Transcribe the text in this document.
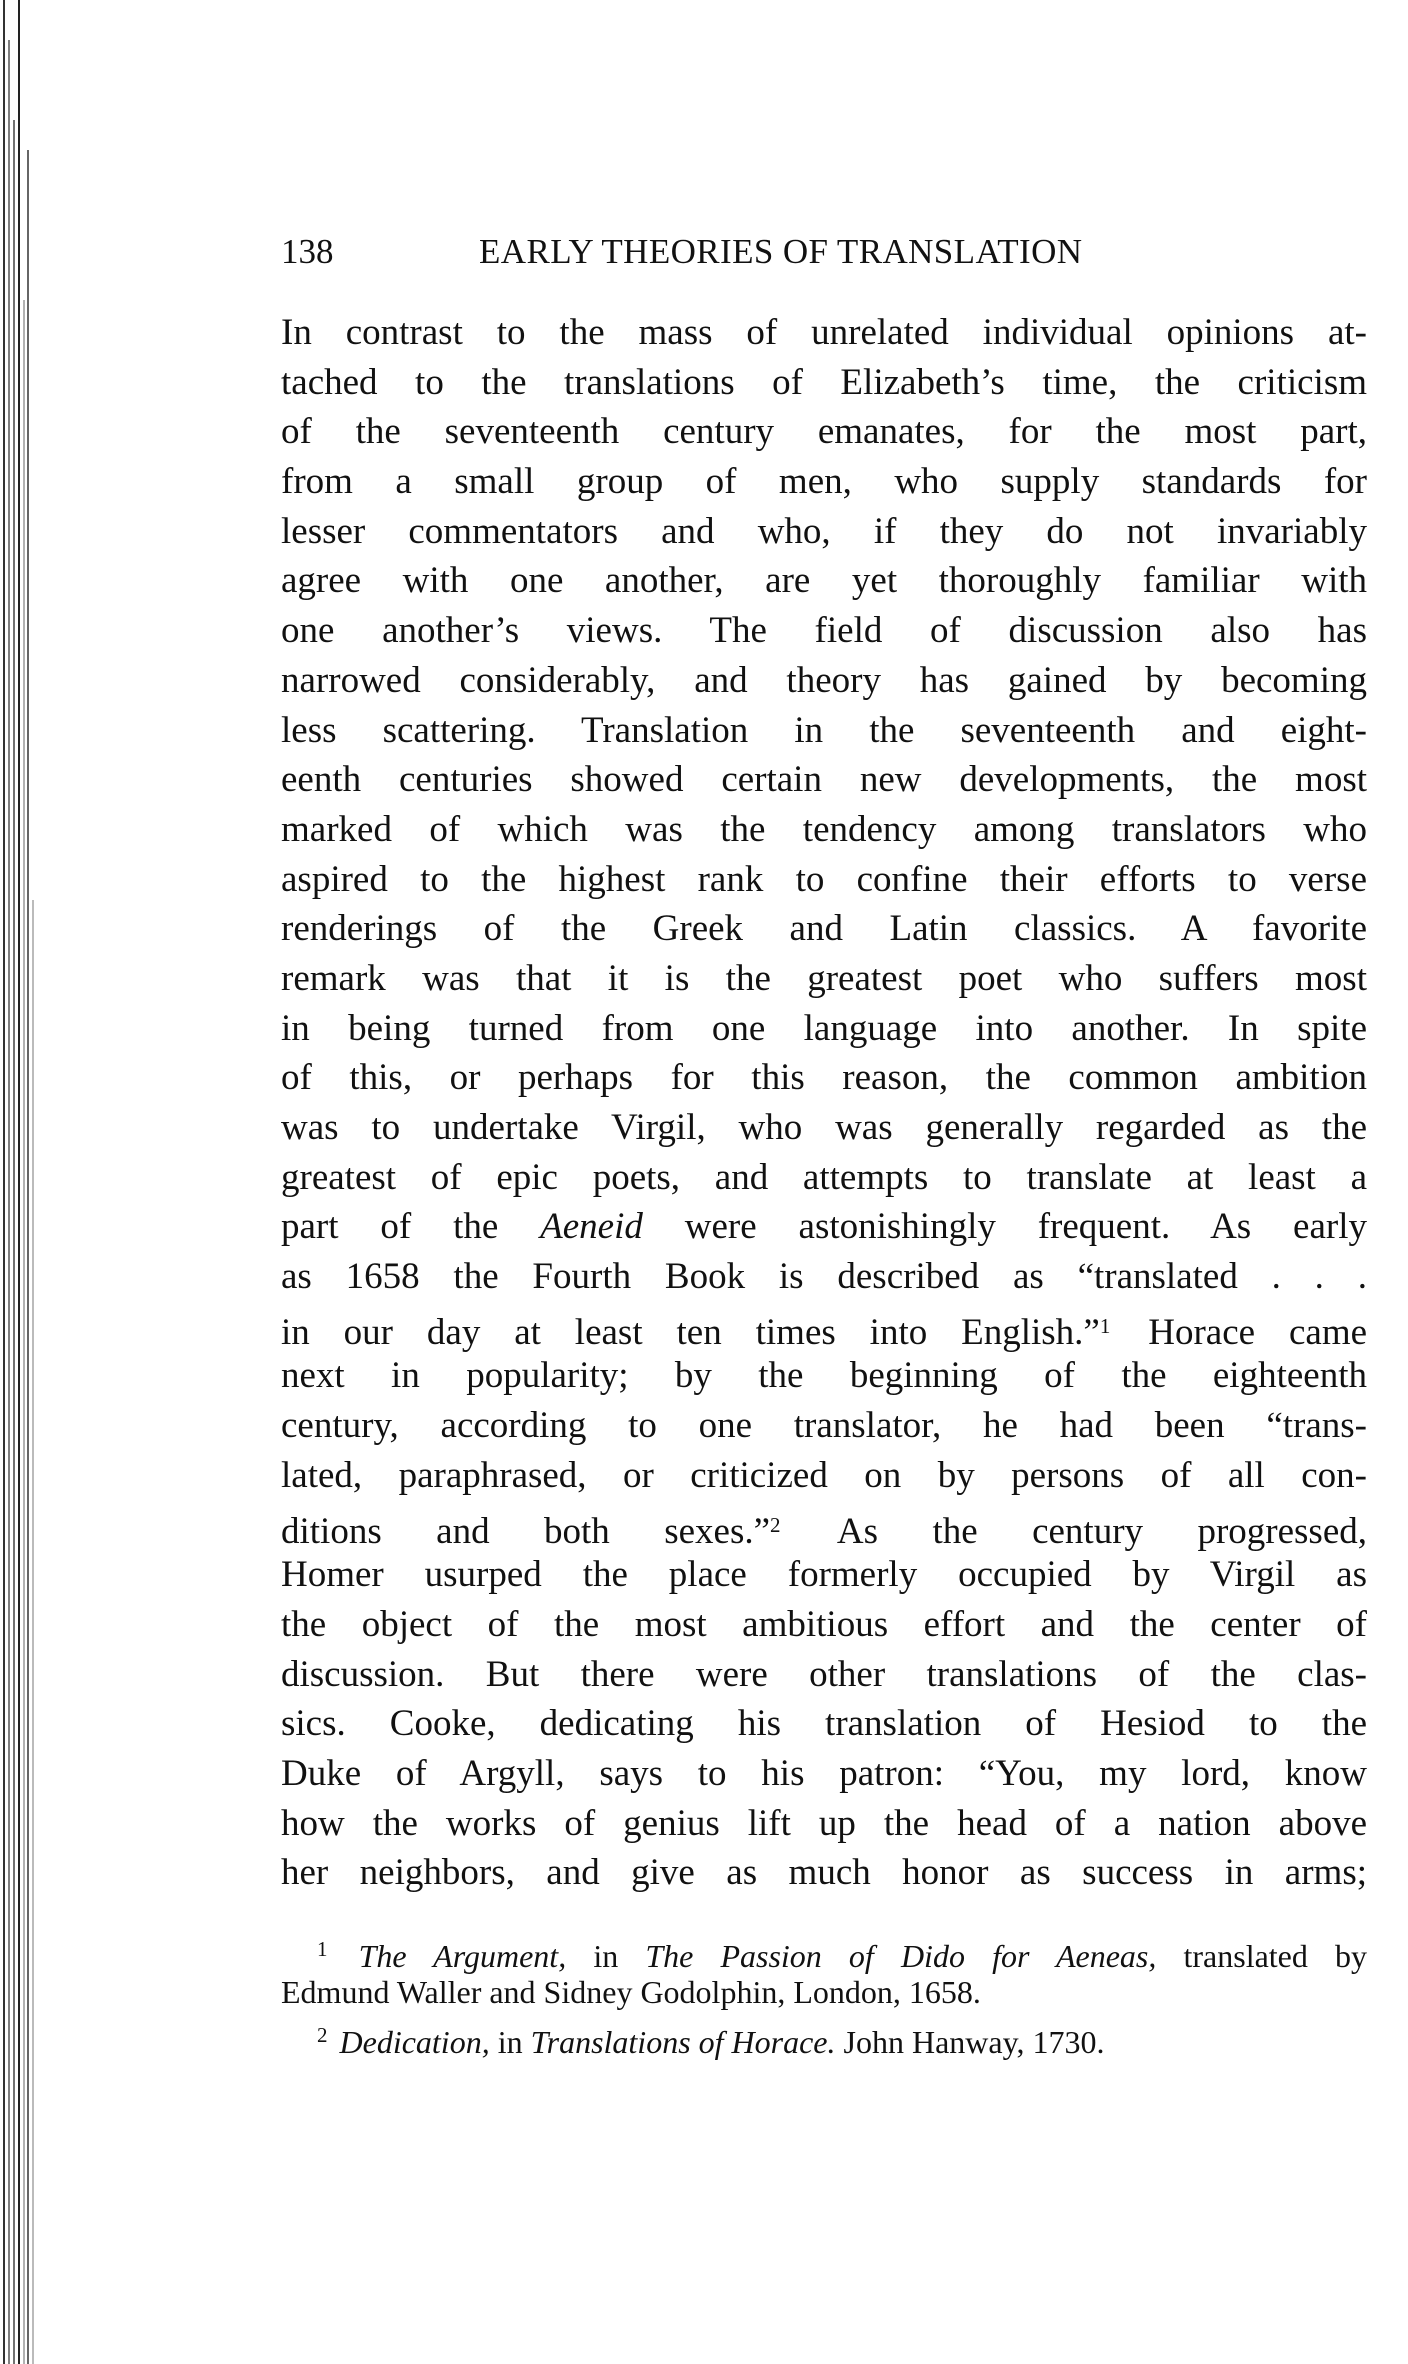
138	EARLY THEORIES OF TRANSLATION
In contrast to the mass of unrelated individual opinions at-
tached to the translations of Elizabeth’s time, the criticism
of the seventeenth century emanates, for the most part,
from a small group of men, who supply standards for
lesser commentators and who, if they do not invariably
agree with one another, are yet thoroughly familiar with
one another’s views. The field of discussion also has
narrowed considerably, and theory has gained by becoming
less scattering. Translation in the seventeenth and eight-
eenth centuries showed certain new developments, the most
marked of which was the tendency among translators who
aspired to the highest rank to confine their efforts to verse
renderings of the Greek and Latin classics. A favorite
remark was that it is the greatest poet who suffers most
in being turned from one language into another. In spite
of this, or perhaps for this reason, the common ambition
was to undertake Virgil, who was generally regarded as the
greatest of epic poets, and attempts to translate at least a
part of the Aeneid were astonishingly frequent. As early
as 1658 the Fourth Book is described as “translated . . .
in our day at least ten times into English.”$^1$ Horace came
next in popularity; by the beginning of the eighteenth
century, according to one translator, he had been “trans-
lated, paraphrased, or criticized on by persons of all con-
ditions and both sexes.”$^2$ As the century progressed,
Homer usurped the place formerly occupied by Virgil as
the object of the most ambitious effort and the center of
discussion. But there were other translations of the clas-
sics. Cooke, dedicating his translation of Hesiod to the
Duke of Argyll, says to his patron: “You, my lord, know
how the works of genius lift up the head of a nation above
her neighbors, and give as much honor as success in arms;
$^1$ The Argument, in The Passion of Dido for Aeneas, translated by
Edmund Waller and Sidney Godolphin, London, 1658.
$^2$ Dedication, in Translations of Horace. John Hanway, 1730.
